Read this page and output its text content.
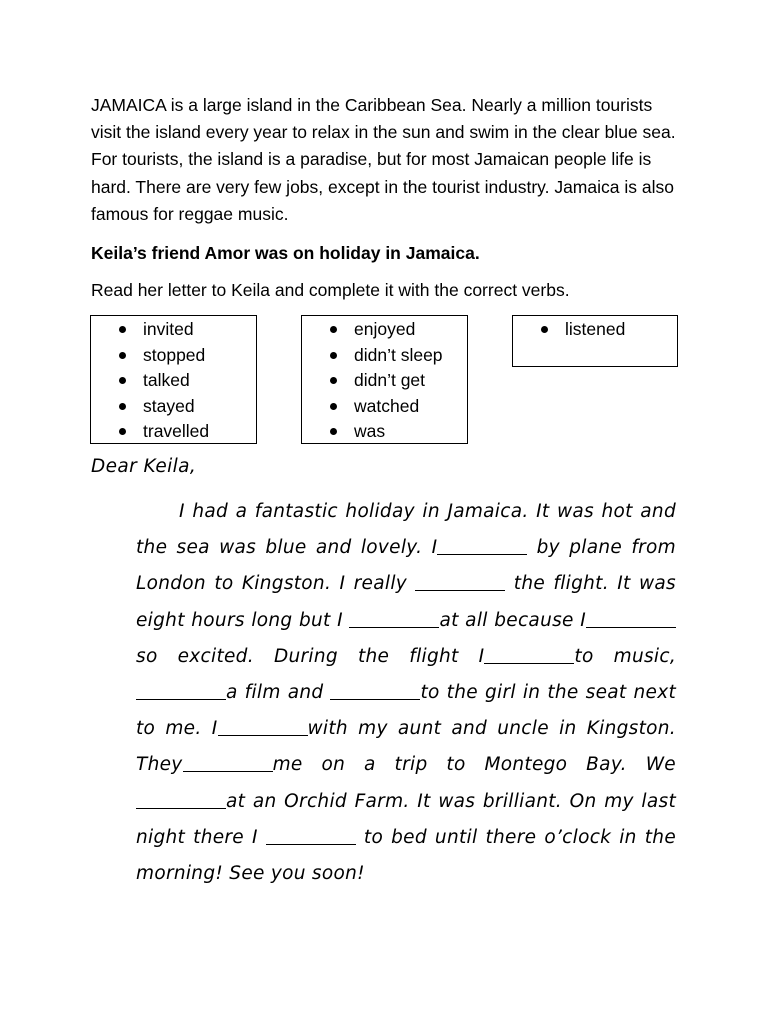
JAMAICA is a large island in the Caribbean Sea. Nearly a million tourists visit the island every year to relax in the sun and swim in the clear blue sea. For tourists, the island is a paradise, but for most Jamaican people life is hard. There are very few jobs, except in the tourist industry. Jamaica is also famous for reggae music.

Keila’s friend Amor was on holiday in Jamaica.

Read her letter to Keila and complete it with the correct verbs.

invited
stopped
talked
stayed
travelled
enjoyed
didn’t sleep
didn’t get
watched
was
listened

Dear Keila,

I had a fantastic holiday in Jamaica. It was hot and the sea was blue and lovely. I	by plane from London to Kingston. I really	the flight. It was eight hours long but I	at all because Iso excited. During the flight I	to music, a film and	to the girl in the seat next to me. I	with my aunt and uncle in Kingston. They	me on a trip to Montego Bay. Weat an Orchid Farm. It was brilliant. On my last night there I	to bed until there o’clock in the morning! See you soon!
